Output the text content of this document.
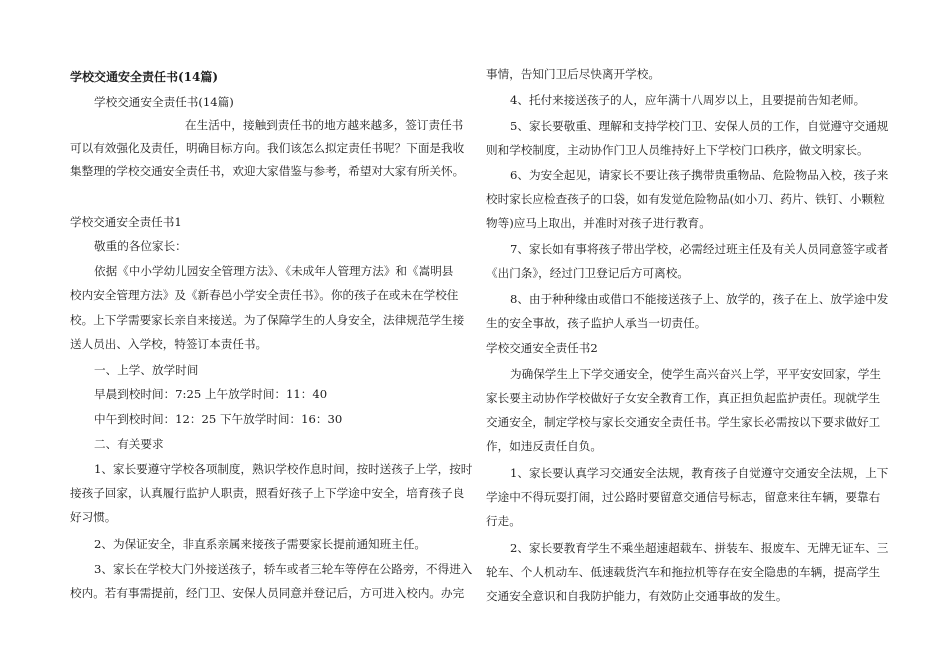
学校交通安全责任书(14篇)
学校交通安全责任书(14篇)
在生活中，接触到责任书的地方越来越多，签订责任书
可以有效强化及责任，明确目标方向。我们该怎么拟定责任书呢？下面是我收
集整理的学校交通安全责任书，欢迎大家借鉴与参考，希望对大家有所关怀。
学校交通安全责任书1
敬重的各位家长：
依据《中小学幼儿园安全管理方法》、《未成年人管理方法》和《嵩明县
校内安全管理方法》及《新春邑小学安全责任书》。你的孩子在或未在学校住
校。上下学需要家长亲自来接送。为了保障学生的人身安全，法律规范学生接
送人员出、入学校，特签订本责任书。
一、上学、放学时间
早晨到校时间：7:25 上午放学时间：11：40
中午到校时间：12：25 下午放学时间：16：30
二、有关要求
1、家长要遵守学校各项制度，熟识学校作息时间，按时送孩子上学，按时
接孩子回家，认真履行监护人职责，照看好孩子上下学途中安全，培育孩子良
好习惯。
2、为保证安全，非直系亲属来接孩子需要家长提前通知班主任。
3、家长在学校大门外接送孩子，轿车或者三轮车等停在公路旁，不得进入
校内。若有事需提前，经门卫、安保人员同意并登记后，方可进入校内。办完
事情，告知门卫后尽快离开学校。
4、托付来接送孩子的人，应年满十八周岁以上，且要提前告知老师。
5、家长要敬重、理解和支持学校门卫、安保人员的工作，自觉遵守交通规
则和学校制度，主动协作门卫人员维持好上下学校门口秩序，做文明家长。
6、为安全起见，请家长不要让孩子携带贵重物品、危险物品入校，孩子来
校时家长应检查孩子的口袋，如有发觉危险物品(如小刀、药片、铁钉、小颗粒
物等)应马上取出，并准时对孩子进行教育。
7、家长如有事将孩子带出学校，必需经过班主任及有关人员同意签字或者
《出门条》，经过门卫登记后方可离校。
8、由于种种缘由或借口不能接送孩子上、放学的，孩子在上、放学途中发
生的安全事故，孩子监护人承当一切责任。
学校交通安全责任书2
为确保学生上下学交通安全，使学生高兴奋兴上学，平平安安回家，学生
家长要主动协作学校做好子女安全教育工作，真正担负起监护责任。现就学生
交通安全，制定学校与家长交通安全责任书。学生家长必需按以下要求做好工
作，如违反责任自负。
1、家长要认真学习交通安全法规，教育孩子自觉遵守交通安全法规，上下
学途中不得玩耍打闹，过公路时要留意交通信号标志，留意来往车辆，要靠右
行走。
2、家长要教育学生不乘坐超速超载车、拼装车、报废车、无牌无证车、三
轮车、个人机动车、低速载货汽车和拖拉机等存在安全隐患的车辆，提高学生
交通安全意识和自我防护能力，有效防止交通事故的发生。
